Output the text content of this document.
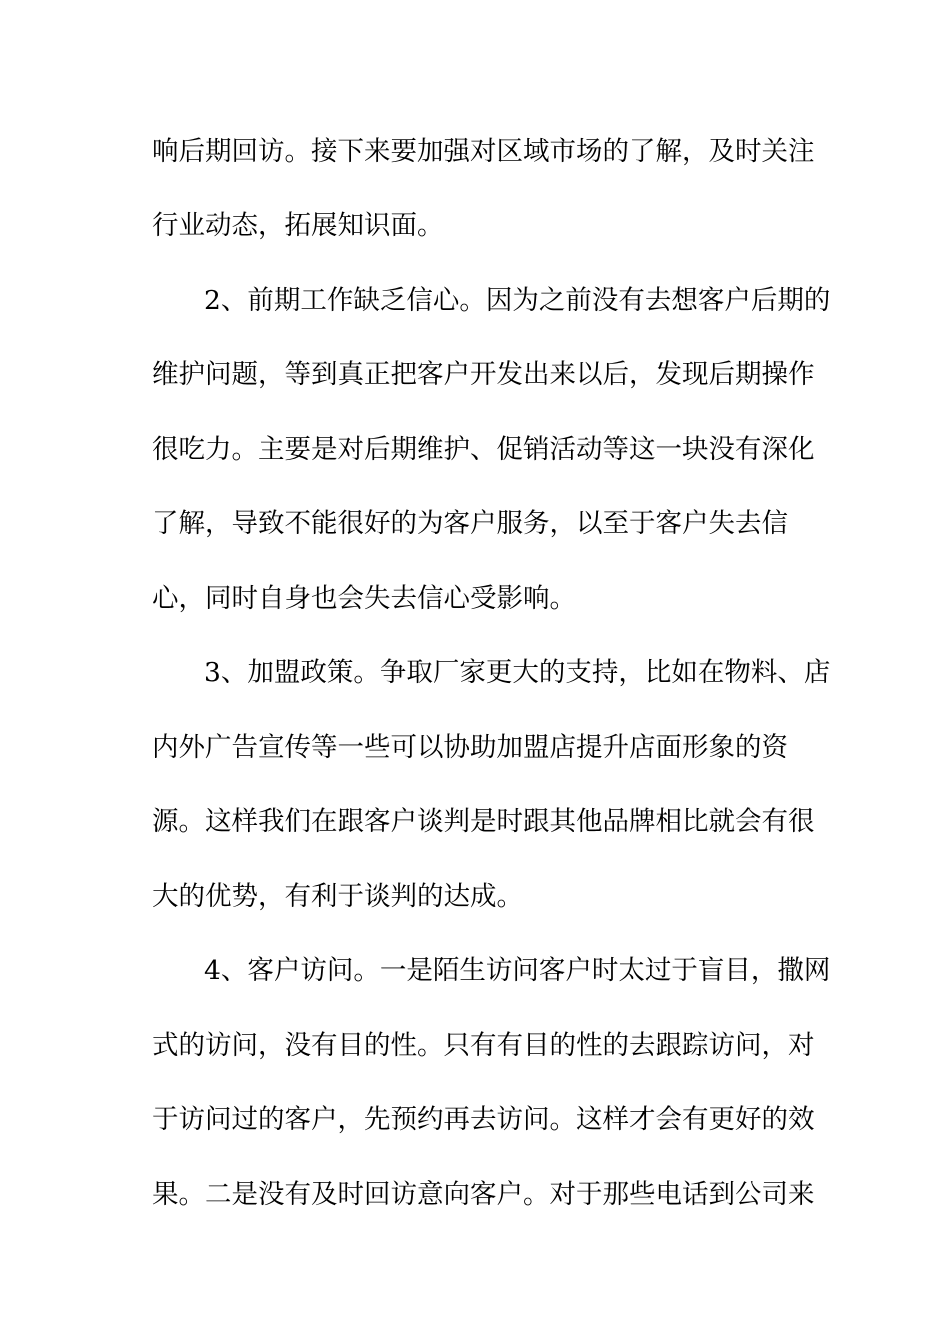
响后期回访。接下来要加强对区域市场的了解，及时关注
行业动态，拓展知识面。
2、前期工作缺乏信心。因为之前没有去想客户后期的
维护问题，等到真正把客户开发出来以后，发现后期操作
很吃力。主要是对后期维护、促销活动等这一块没有深化
了解，导致不能很好的为客户服务，以至于客户失去信
心，同时自身也会失去信心受影响。
3、加盟政策。争取厂家更大的支持，比如在物料、店
内外广告宣传等一些可以协助加盟店提升店面形象的资
源。这样我们在跟客户谈判是时跟其他品牌相比就会有很
大的优势，有利于谈判的达成。
4、客户访问。一是陌生访问客户时太过于盲目，撒网
式的访问，没有目的性。只有有目的性的去跟踪访问，对
于访问过的客户，先预约再去访问。这样才会有更好的效
果。二是没有及时回访意向客户。对于那些电话到公司来
